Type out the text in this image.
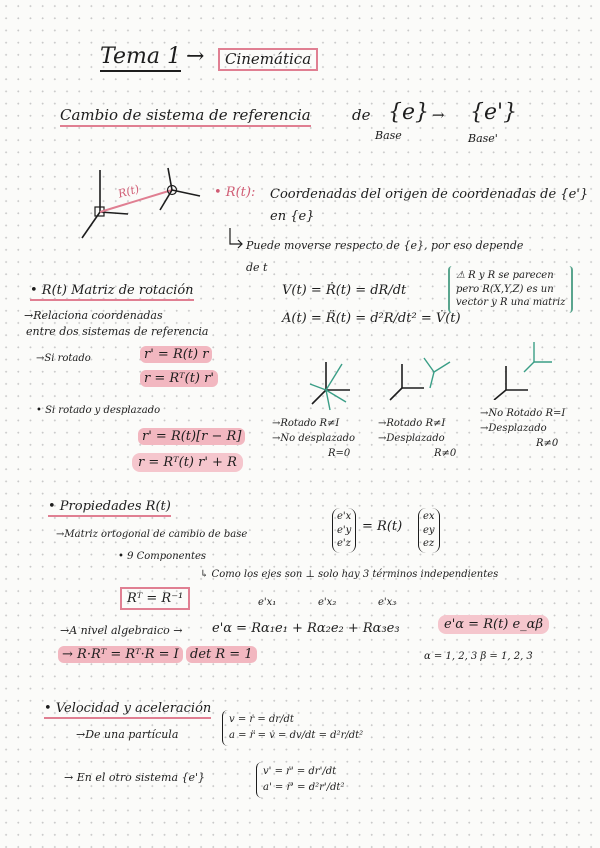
Tema 1 →	Cinemática
Cambio de sistema de referencia	de {e} → {e'}
Base	Base'
R(t)	• R(t): Coordenadas del origen de coordenadas de {e'}
en {e}
Puede moverse respecto de {e}, por eso depende
de t
• R(t) Matriz de rotación
→Relaciona coordenadas
entre dos sistemas de referencia
→Si rotado	r' = R(t) r
r = Rᵀ(t) r'
• Si rotado y desplazado
r' = R(t)[r − R]
r = Rᵀ(t) r' + R
V(t) = Ṙ(t) = dR/dt
A(t) = R̈(t) = d²R/dt² = V̇(t)
⚠ R y R se parecen
pero R(X,Y,Z) es un
vector y R una matriz
→Rotado R≠I
→No desplazado
R=0
→Rotado R≠I
→Desplazado
R≠0
→No Rotado R=I
→Desplazado
R≠0
• Propiedades R(t)
→Matriz ortogonal de cambio de base
• 9 Componentes
↳ Como los ejes son ⊥ solo hay 3 términos independientes
e'x
e'y
e'z
= R(t)
ex
ey
ez
Rᵀ = R⁻¹	e'x₁	e'x₂	e'x₃
→A nivel algebraico → e'α = Rα₁e₁ + Rα₂e₂ + Rα₃e₃	e'α = R(t) e_αβ
→ R·Rᵀ = Rᵀ·R = I det R = 1	α = 1, 2, 3 β = 1, 2, 3
• Velocidad y aceleración
→De una partícula
v = ṙ = dr/dt
a = r̈ = v̇ = dv/dt = d²r/dt²
→ En el otro sistema {e'}	v' = ṙ' = dr'/dt
a' = r̈' = d²r'/dt²
